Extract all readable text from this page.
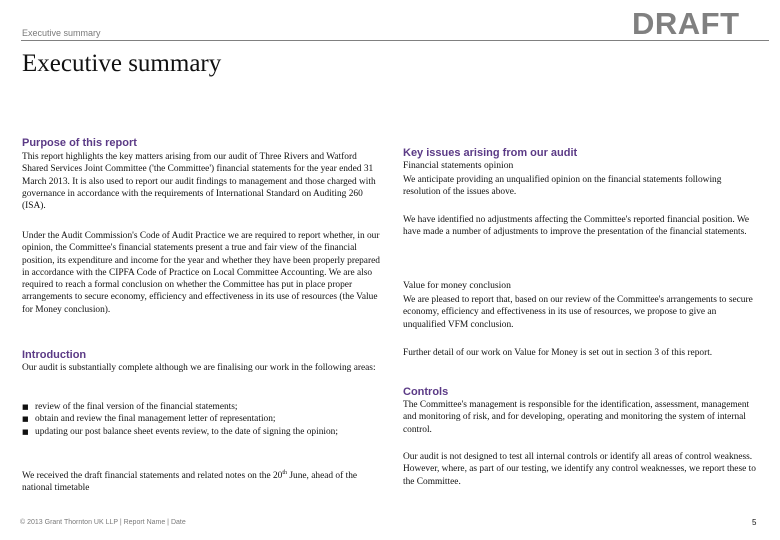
Executive summary	DRAFT
Executive summary
Purpose of this report
This report highlights the key matters arising from our audit of Three Rivers and Watford Shared Services Joint Committee ('the Committee') financial statements for the year ended 31 March 2013. It is also used to report our audit findings to management and those charged with governance in accordance with the requirements of International Standard on Auditing 260 (ISA).
Under the Audit Commission's Code of Audit Practice we are required to report whether, in our opinion, the Committee's financial statements present a true and fair view of the financial position, its expenditure and income for the year and whether they have been properly prepared in accordance with the CIPFA Code of Practice on Local Committee Accounting. We are also required to reach a formal conclusion on whether the Committee has put in place proper arrangements to secure economy, efficiency and effectiveness in its use of resources (the Value for Money conclusion).
Introduction
Our audit is substantially complete although we are finalising our work in the following areas:
■ review of the final version of the financial statements;
■ obtain and review the final management letter of representation;
■ updating our post balance sheet events review, to the date of signing the opinion;
We received the draft financial statements and related notes on the 20th June, ahead of the national timetable
Key issues arising from our audit
Financial statements opinion
We anticipate providing an unqualified opinion on the financial statements following resolution of the issues above.
We have identified no adjustments affecting the Committee's reported financial position. We have made a number of adjustments to improve the presentation of the financial statements.
Value for money conclusion
We are pleased to report that, based on our review of the Committee's arrangements to secure economy, efficiency and effectiveness in its use of resources, we propose to give an unqualified VFM conclusion.
Further detail of our work on Value for Money is set out in section 3 of this report.
Controls
The Committee's management is responsible for the identification, assessment, management and monitoring of risk, and for developing, operating and monitoring the system of internal control.
Our audit is not designed to test all internal controls or identify all areas of control weakness. However, where, as part of our testing, we identify any control weaknesses, we report these to the Committee.
© 2013 Grant Thornton UK LLP | Report Name | Date	5
